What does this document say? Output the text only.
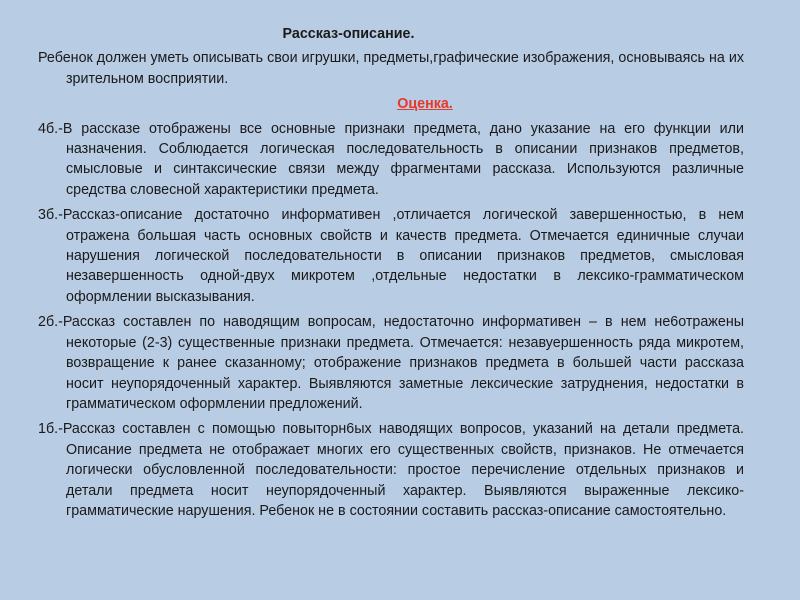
Рассказ-описание.

Ребенок должен уметь описывать свои игрушки, предметы,графические изображения, основываясь на их зрительном восприятии.

Оценка.

4б.-В рассказе отображены все основные признаки предмета, дано указание на его функции или назначения. Соблюдается логическая последовательность в описании признаков предметов, смысловые и синтаксические связи между фрагментами рассказа. Используются различные средства словесной характеристики предмета.

3б.-Рассказ-описание достаточно информативен ,отличается логической завершенностью, в нем отражена большая часть основных свойств и качеств предмета. Отмечается единичные случаи нарушения логической последовательности в описании признаков предметов, смысловая незавершенность одной-двух микротем ,отдельные недостатки в лексико-грамматическом оформлении высказывания.

2б.-Рассказ составлен по наводящим вопросам, недостаточно информативен – в нем не6отражены некоторые (2-3) существенные признаки предмета. Отмечается: незавуершенность ряда микротем, возвращение к ранее сказанному; отображение признаков предмета в большей части рассказа носит неупорядоченный характер. Выявляются заметные лексические затруднения, недостатки в грамматическом оформлении предложений.

1б.-Рассказ составлен с помощью повыторн6ых наводящих вопросов, указаний на детали предмета. Описание предмета не отображает многих его существенных свойств, признаков. Не отмечается логически обусловленной последовательности: простое перечисление отдельных признаков и детали предмета носит неупорядоченный характер. Выявляются выраженные лексико-грамматические нарушения. Ребенок не в состоянии составить рассказ-описание самостоятельно.
